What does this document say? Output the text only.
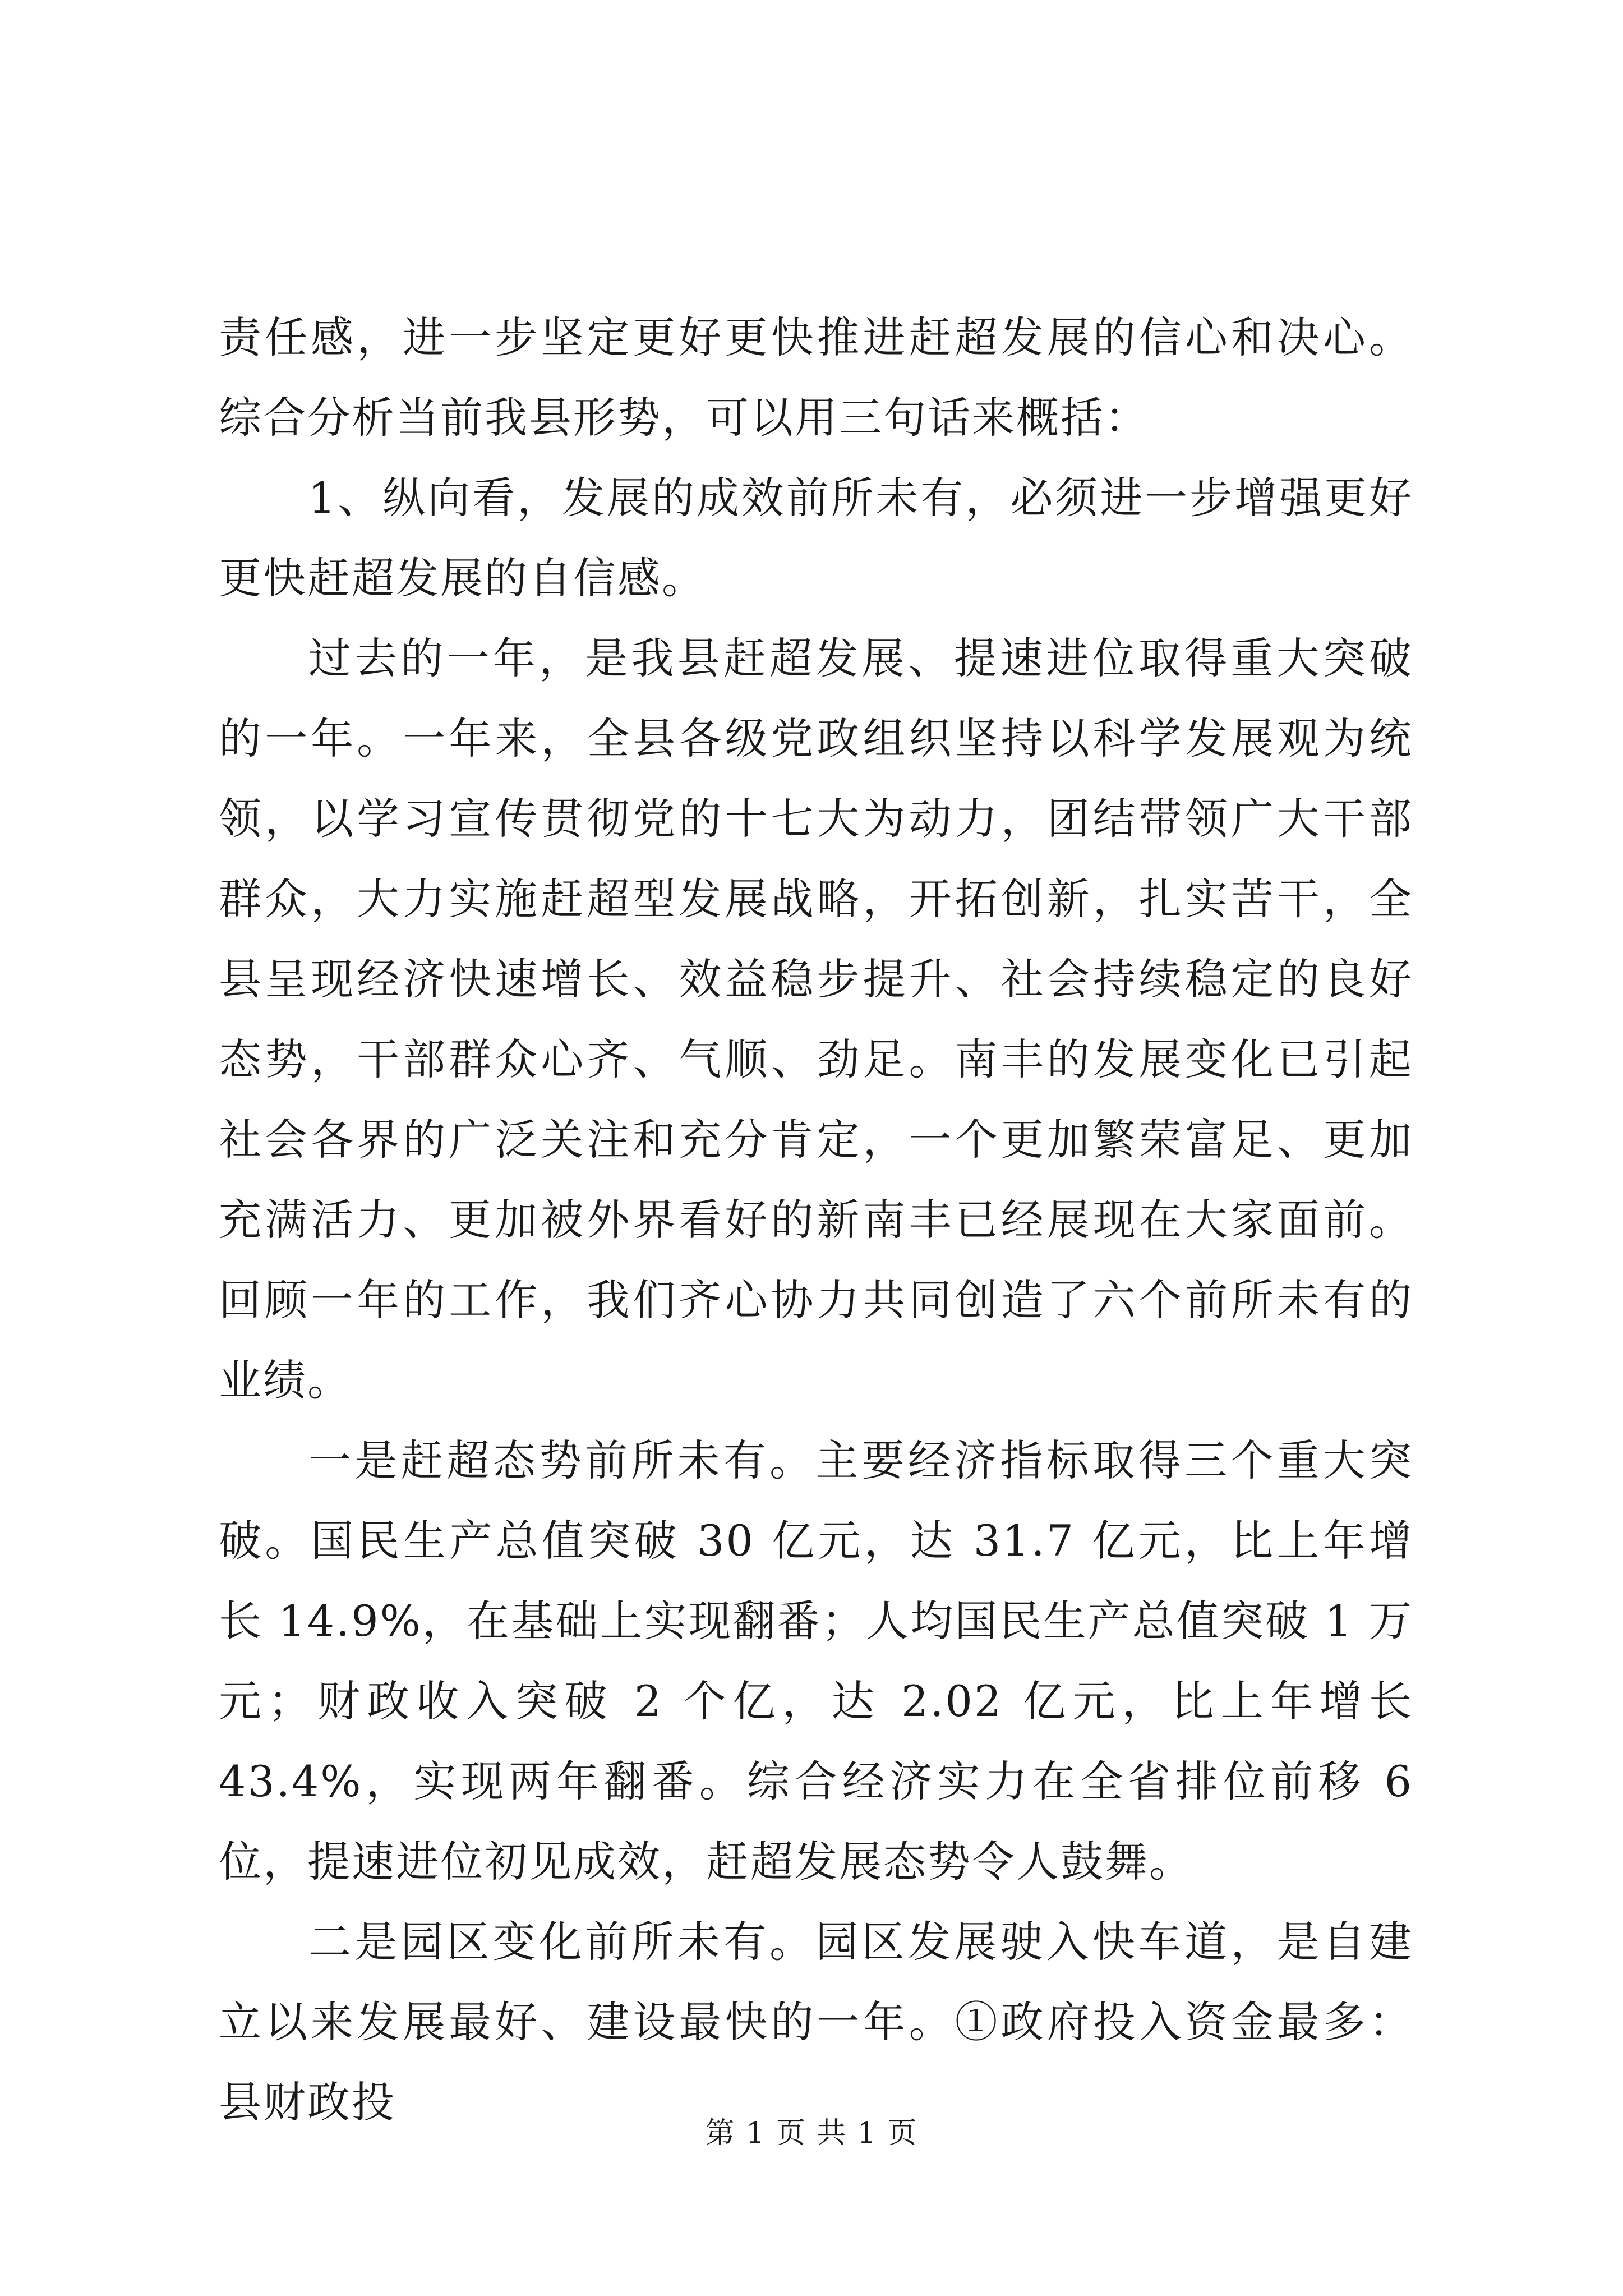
责任感，进一步坚定更好更快推进赶超发展的信心和决心。综合分析当前我县形势，可以用三句话来概括：

1、纵向看，发展的成效前所未有，必须进一步增强更好更快赶超发展的自信感。

过去的一年，是我县赶超发展、提速进位取得重大突破的一年。一年来，全县各级党政组织坚持以科学发展观为统领，以学习宣传贯彻党的十七大为动力，团结带领广大干部群众，大力实施赶超型发展战略，开拓创新，扎实苦干，全县呈现经济快速增长、效益稳步提升、社会持续稳定的良好态势，干部群众心齐、气顺、劲足。南丰的发展变化已引起社会各界的广泛关注和充分肯定，一个更加繁荣富足、更加充满活力、更加被外界看好的新南丰已经展现在大家面前。回顾一年的工作，我们齐心协力共同创造了六个前所未有的业绩。

一是赶超态势前所未有。主要经济指标取得三个重大突破。国民生产总值突破 30 亿元，达 31.7 亿元，比上年增长 14.9%，在基础上实现翻番；人均国民生产总值突破 1 万元；财政收入突破 2 个亿，达 2.02 亿元，比上年增长 43.4%，实现两年翻番。综合经济实力在全省排位前移 6 位，提速进位初见成效，赶超发展态势令人鼓舞。

二是园区变化前所未有。园区发展驶入快车道，是自建立以来发展最好、建设最快的一年。①政府投入资金最多：县财政投

第 1 页 共 1 页
